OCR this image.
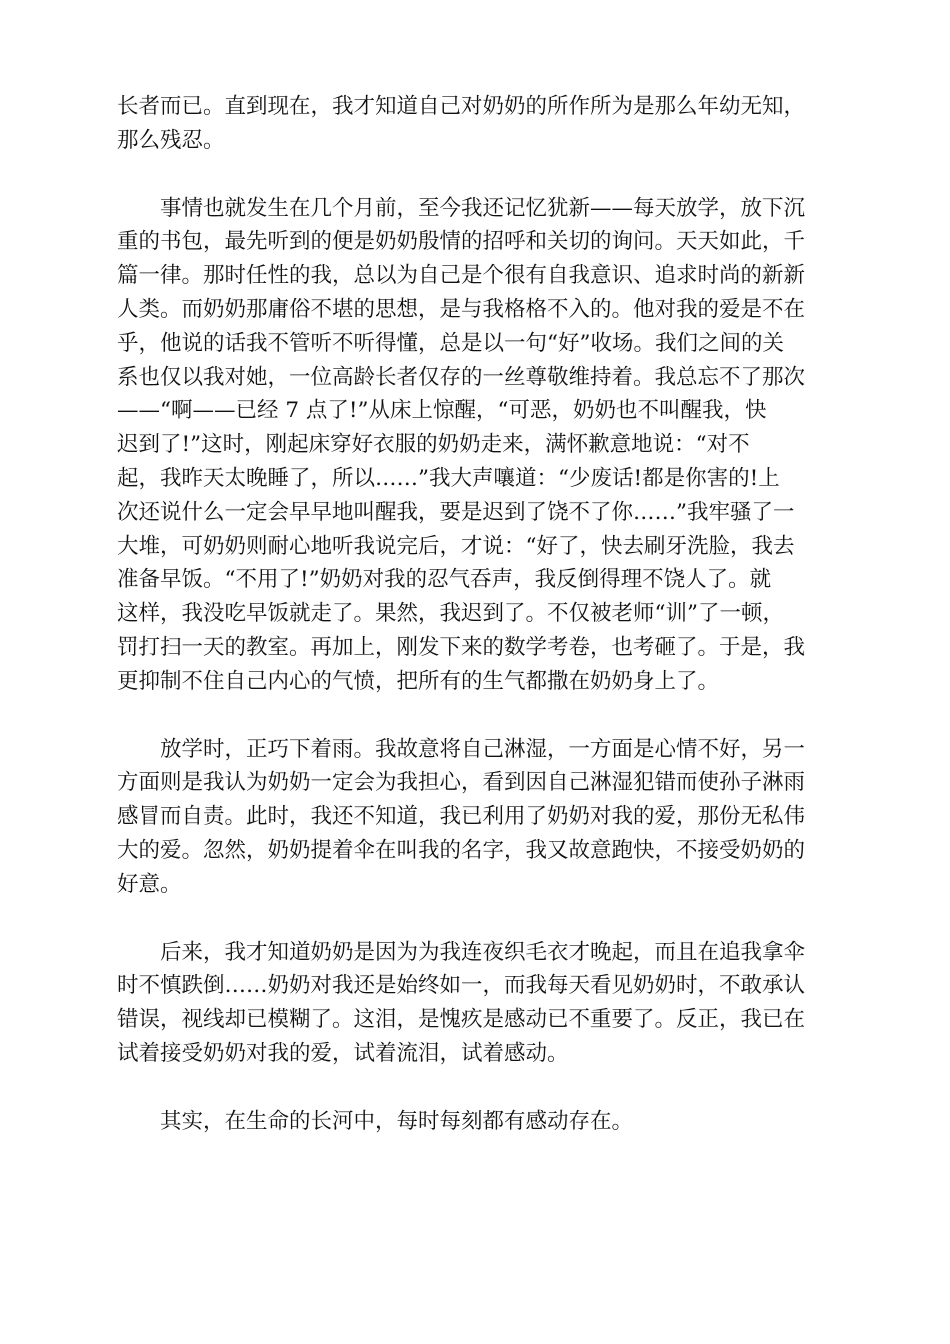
长者而已。直到现在，我才知道自己对奶奶的所作所为是那么年幼无知，
那么残忍。
事情也就发生在几个月前，至今我还记忆犹新——每天放学，放下沉
重的书包，最先听到的便是奶奶殷情的招呼和关切的询问。天天如此，千
篇一律。那时任性的我，总以为自己是个很有自我意识、追求时尚的新新
人类。而奶奶那庸俗不堪的思想，是与我格格不入的。他对我的爱是不在
乎，他说的话我不管听不听得懂，总是以一句“好”收场。我们之间的关
系也仅以我对她，一位高龄长者仅存的一丝尊敬维持着。我总忘不了那次
——“啊——已经 7 点了!”从床上惊醒，“可恶，奶奶也不叫醒我，快
迟到了!”这时，刚起床穿好衣服的奶奶走来，满怀歉意地说：“对不
起，我昨天太晚睡了，所以……”我大声嚷道：“少废话!都是你害的!上
次还说什么一定会早早地叫醒我，要是迟到了饶不了你……”我牢骚了一
大堆，可奶奶则耐心地听我说完后，才说：“好了，快去刷牙洗脸，我去
准备早饭。“不用了!”奶奶对我的忍气吞声，我反倒得理不饶人了。就
这样，我没吃早饭就走了。果然，我迟到了。不仅被老师“训”了一顿，
罚打扫一天的教室。再加上，刚发下来的数学考卷，也考砸了。于是，我
更抑制不住自己内心的气愤，把所有的生气都撒在奶奶身上了。
放学时，正巧下着雨。我故意将自己淋湿，一方面是心情不好，另一
方面则是我认为奶奶一定会为我担心，看到因自己淋湿犯错而使孙子淋雨
感冒而自责。此时，我还不知道，我已利用了奶奶对我的爱，那份无私伟
大的爱。忽然，奶奶提着伞在叫我的名字，我又故意跑快，不接受奶奶的
好意。
后来，我才知道奶奶是因为为我连夜织毛衣才晚起，而且在追我拿伞
时不慎跌倒……奶奶对我还是始终如一，而我每天看见奶奶时，不敢承认
错误，视线却已模糊了。这泪，是愧疚是感动已不重要了。反正，我已在
试着接受奶奶对我的爱，试着流泪，试着感动。
其实，在生命的长河中，每时每刻都有感动存在。
